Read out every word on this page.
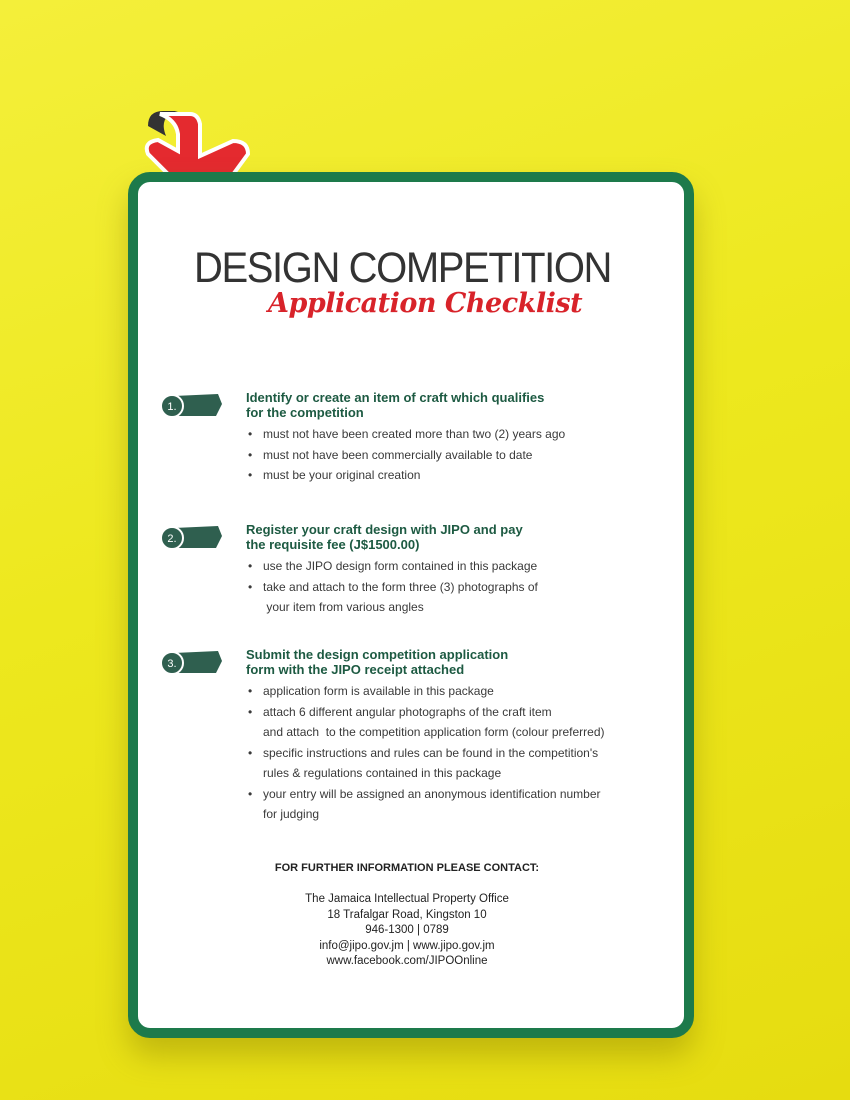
DESIGN COMPETITION
Application Checklist
1.
Identify or create an item of craft which qualifies
for the competition
• must not have been created more than two (2) years ago
• must not have been commercially available to date
• must be your original creation
2.
Register your craft design with JIPO and pay
the requisite fee (J$1500.00)
• use the JIPO design form contained in this package
• take and attach to the form three (3) photographs of
your item from various angles
3.
Submit the design competition application
form with the JIPO receipt attached
• application form is available in this package
• attach 6 different angular photographs of the craft item
and attach  to the competition application form (colour preferred)
• specific instructions and rules can be found in the competition's
rules & regulations contained in this package
• your entry will be assigned an anonymous identification number
for judging
FOR FURTHER INFORMATION PLEASE CONTACT:
The Jamaica Intellectual Property Office
18 Trafalgar Road, Kingston 10
946-1300 | 0789
info@jipo.gov.jm | www.jipo.gov.jm
www.facebook.com/JIPOOnline
